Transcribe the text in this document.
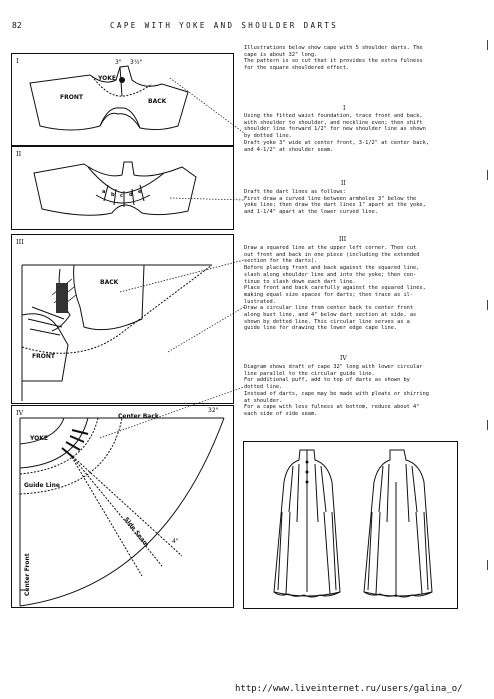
82	CAPE WITH YOKE AND SHOULDER DARTS
I
YOKE
FRONT
BACK
3" 3½"
II
a b c d e
III
BACK
FRONT
IV	32"
Center Back
YOKE
Guide Line
Side Seam
Center Front
4"
Illustrations below show cape with 5 shoulder darts. The
cape is about 32" long.
The pattern is so cut that it provides the extra fulness
for the square shouldered effect.
I
Using the fitted waist foundation, trace front and back,
with shoulder to shoulder, and neckline even; then shift
shoulder line forward 1/2" for new shoulder line as shown
by dotted line.
Draft yoke 3" wide at center front, 3-1/2" at center back,
and 4-1/2" at shoulder seam.
II
Draft the dart lines as follows:
First draw a curved line between armholes 3" below the
yoke line; then draw the dart lines 1" apart at the yoke,
and 1-1/4" apart at the lower curved line.
III
Draw a squared line at the upper left corner. Then cut
out front and back in one piece (including the extended
section for the darts).
Before placing front and back against the squared line,
slash along shoulder line and into the yoke; then con-
tinue to slash down each dart line.
Place front and back carefully against the squared lines,
making equal size spaces for darts; then trace as il-
lustrated.
Draw a circular line from center back to center front
along bust line, and 4" below dart section at side, as
shown by dotted line. This circular line serves as a
guide line for drawing the lower edge cape line.
IV
Diagram shows draft of cape 32" long with lower circular
line parallel to the circular guide line.
For additional puff, add to top of darts as shown by
dotted line.
Instead of darts, cape may be made with pleats or shirring
at shoulder.
For a cape with less fulness at bottom, reduce about 4"
each side of side seam.
http://www.liveinternet.ru/users/galina_o/
